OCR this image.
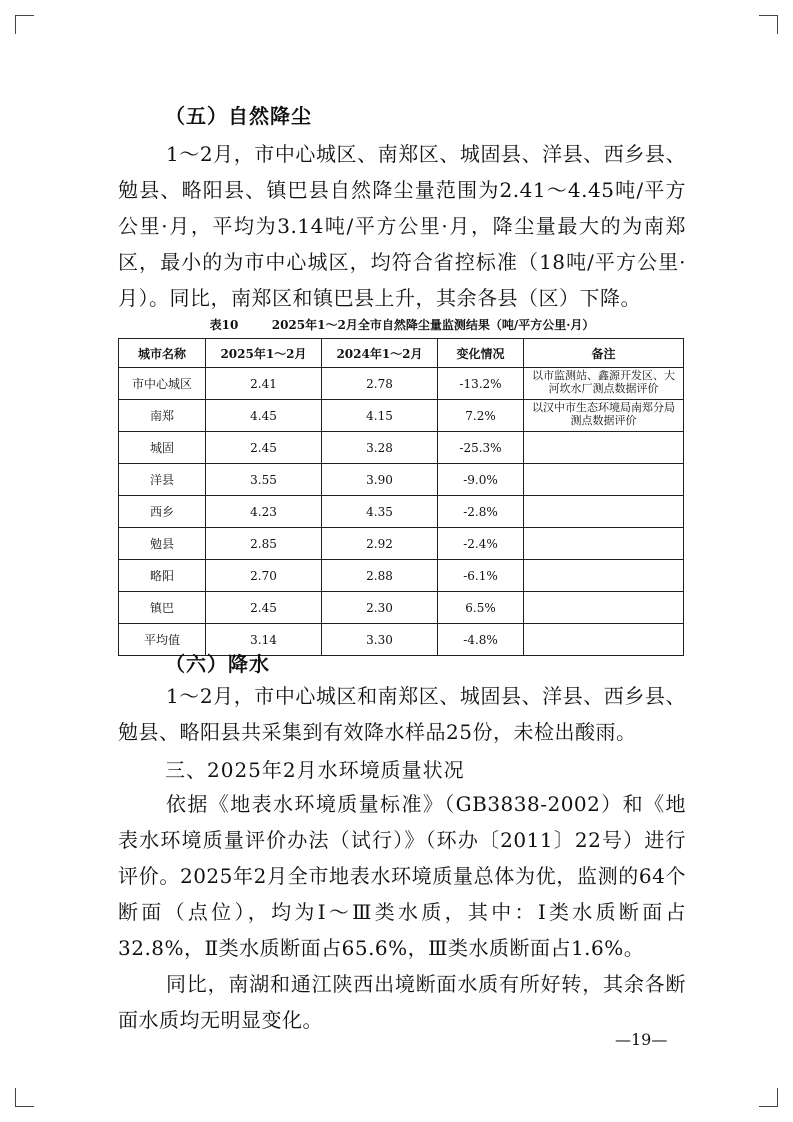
（五）自然降尘

1～2月，市中心城区、南郑区、城固县、洋县、西乡县、勉县、略阳县、镇巴县自然降尘量范围为2.41～4.45吨/平方公里·月，平均为3.14吨/平方公里·月，降尘量最大的为南郑区，最小的为市中心城区，均符合省控标准（18吨/平方公里·月）。同比，南郑区和镇巴县上升，其余各县（区）下降。

表10        2025年1～2月全市自然降尘量监测结果（吨/平方公里·月）
城市名称	2025年1～2月	2024年1～2月	变化情况	备注
市中心城区	2.41	2.78	-13.2%	以市监测站、鑫源开发区、大河坎水厂测点数据评价
南郑	4.45	4.15	7.2%	以汉中市生态环境局南郑分局测点数据评价
城固	2.45	3.28	-25.3%	
洋县	3.55	3.90	-9.0%	
西乡	4.23	4.35	-2.8%	
勉县	2.85	2.92	-2.4%	
略阳	2.70	2.88	-6.1%	
镇巴	2.45	2.30	6.5%	
平均值	3.14	3.30	-4.8%	
（六）降水

1～2月，市中心城区和南郑区、城固县、洋县、西乡县、勉县、略阳县共采集到有效降水样品25份，未检出酸雨。

三、2025年2月水环境质量状况

依据《地表水环境质量标准》（GB3838-2002）和《地表水环境质量评价办法（试行）》（环办〔2011〕22号）进行评价。2025年2月全市地表水环境质量总体为优，监测的64个断面（点位），均为Ⅰ～Ⅲ类水质，其中：Ⅰ类水质断面占32.8%，Ⅱ类水质断面占65.6%，Ⅲ类水质断面占1.6%。

同比，南湖和通江陕西出境断面水质有所好转，其余各断面水质均无明显变化。

—19—
